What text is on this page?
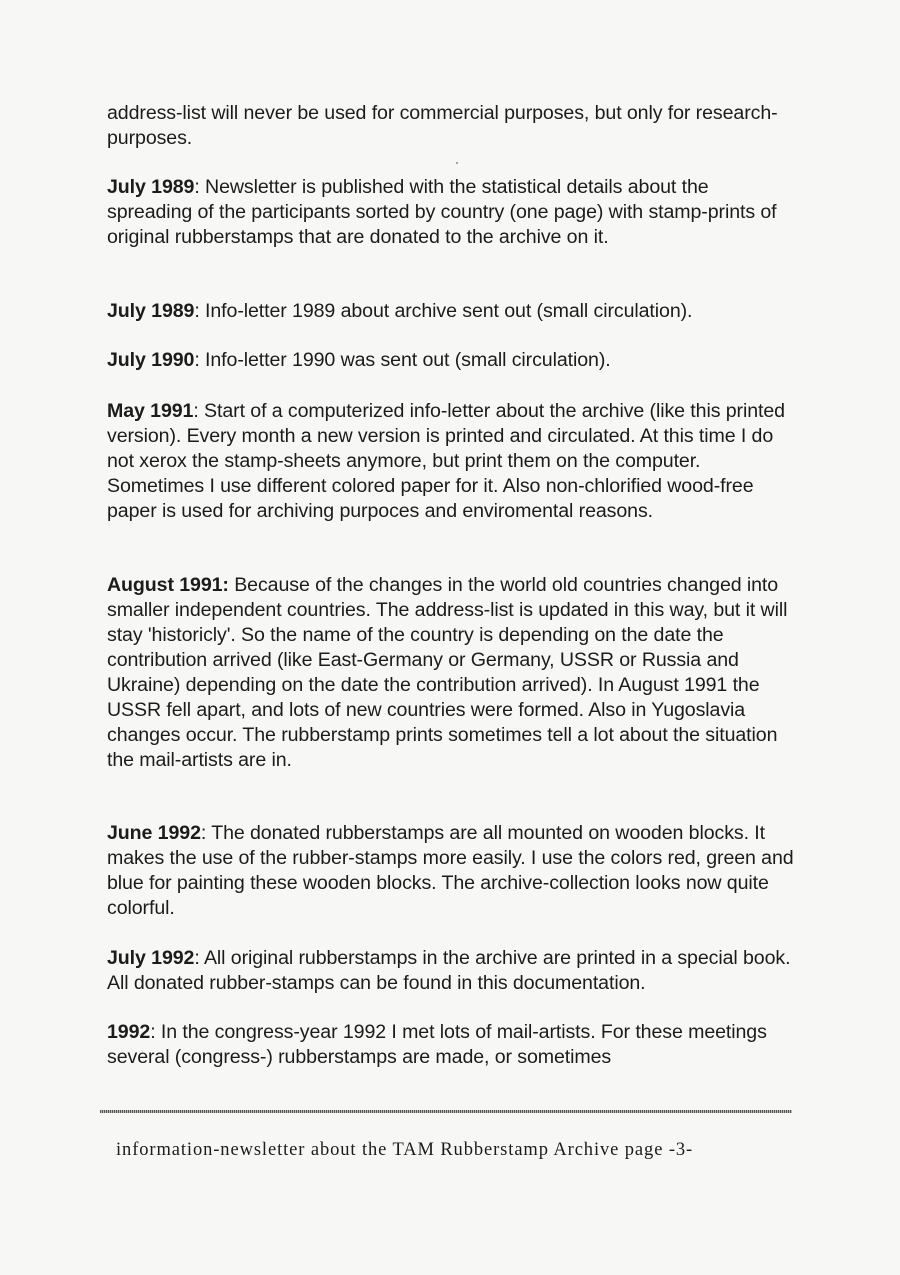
address-list will never be used for commercial purposes, but only for research-purposes.

July 1989: Newsletter is published with the statistical details about the spreading of the participants sorted by country (one page) with stamp-prints of original rubberstamps that are donated to the archive on it.

July 1989: Info-letter 1989 about archive sent out (small circulation).

July 1990: Info-letter 1990 was sent out (small circulation).

May 1991: Start of a computerized info-letter about the archive (like this printed version). Every month a new version is printed and circulated. At this time I do not xerox the stamp-sheets anymore, but print them on the computer. Sometimes I use different colored paper for it. Also non-chlorified wood-free paper is used for archiving purpoces and enviromental reasons.

August 1991: Because of the changes in the world old countries changed into smaller independent countries. The address-list is updated in this way, but it will stay 'historicly'. So the name of the country is depending on the date the contribution arrived (like East-Germany or Germany, USSR or Russia and Ukraine) depending on the date the contribution arrived). In August 1991 the USSR fell apart, and lots of new countries were formed. Also in Yugoslavia changes occur. The rubberstamp prints sometimes tell a lot about the situation the mail-artists are in.

June 1992: The donated rubberstamps are all mounted on wooden blocks. It makes the use of the rubber-stamps more easily. I use the colors red, green and blue for painting these wooden blocks. The archive-collection looks now quite colorful.

July 1992: All original rubberstamps in the archive are printed in a special book. All donated rubber-stamps can be found in this documentation.

1992: In the congress-year 1992 I met lots of mail-artists. For these meetings several (congress-) rubberstamps are made, or sometimes

information-newsletter about the TAM Rubberstamp Archive page -3-
